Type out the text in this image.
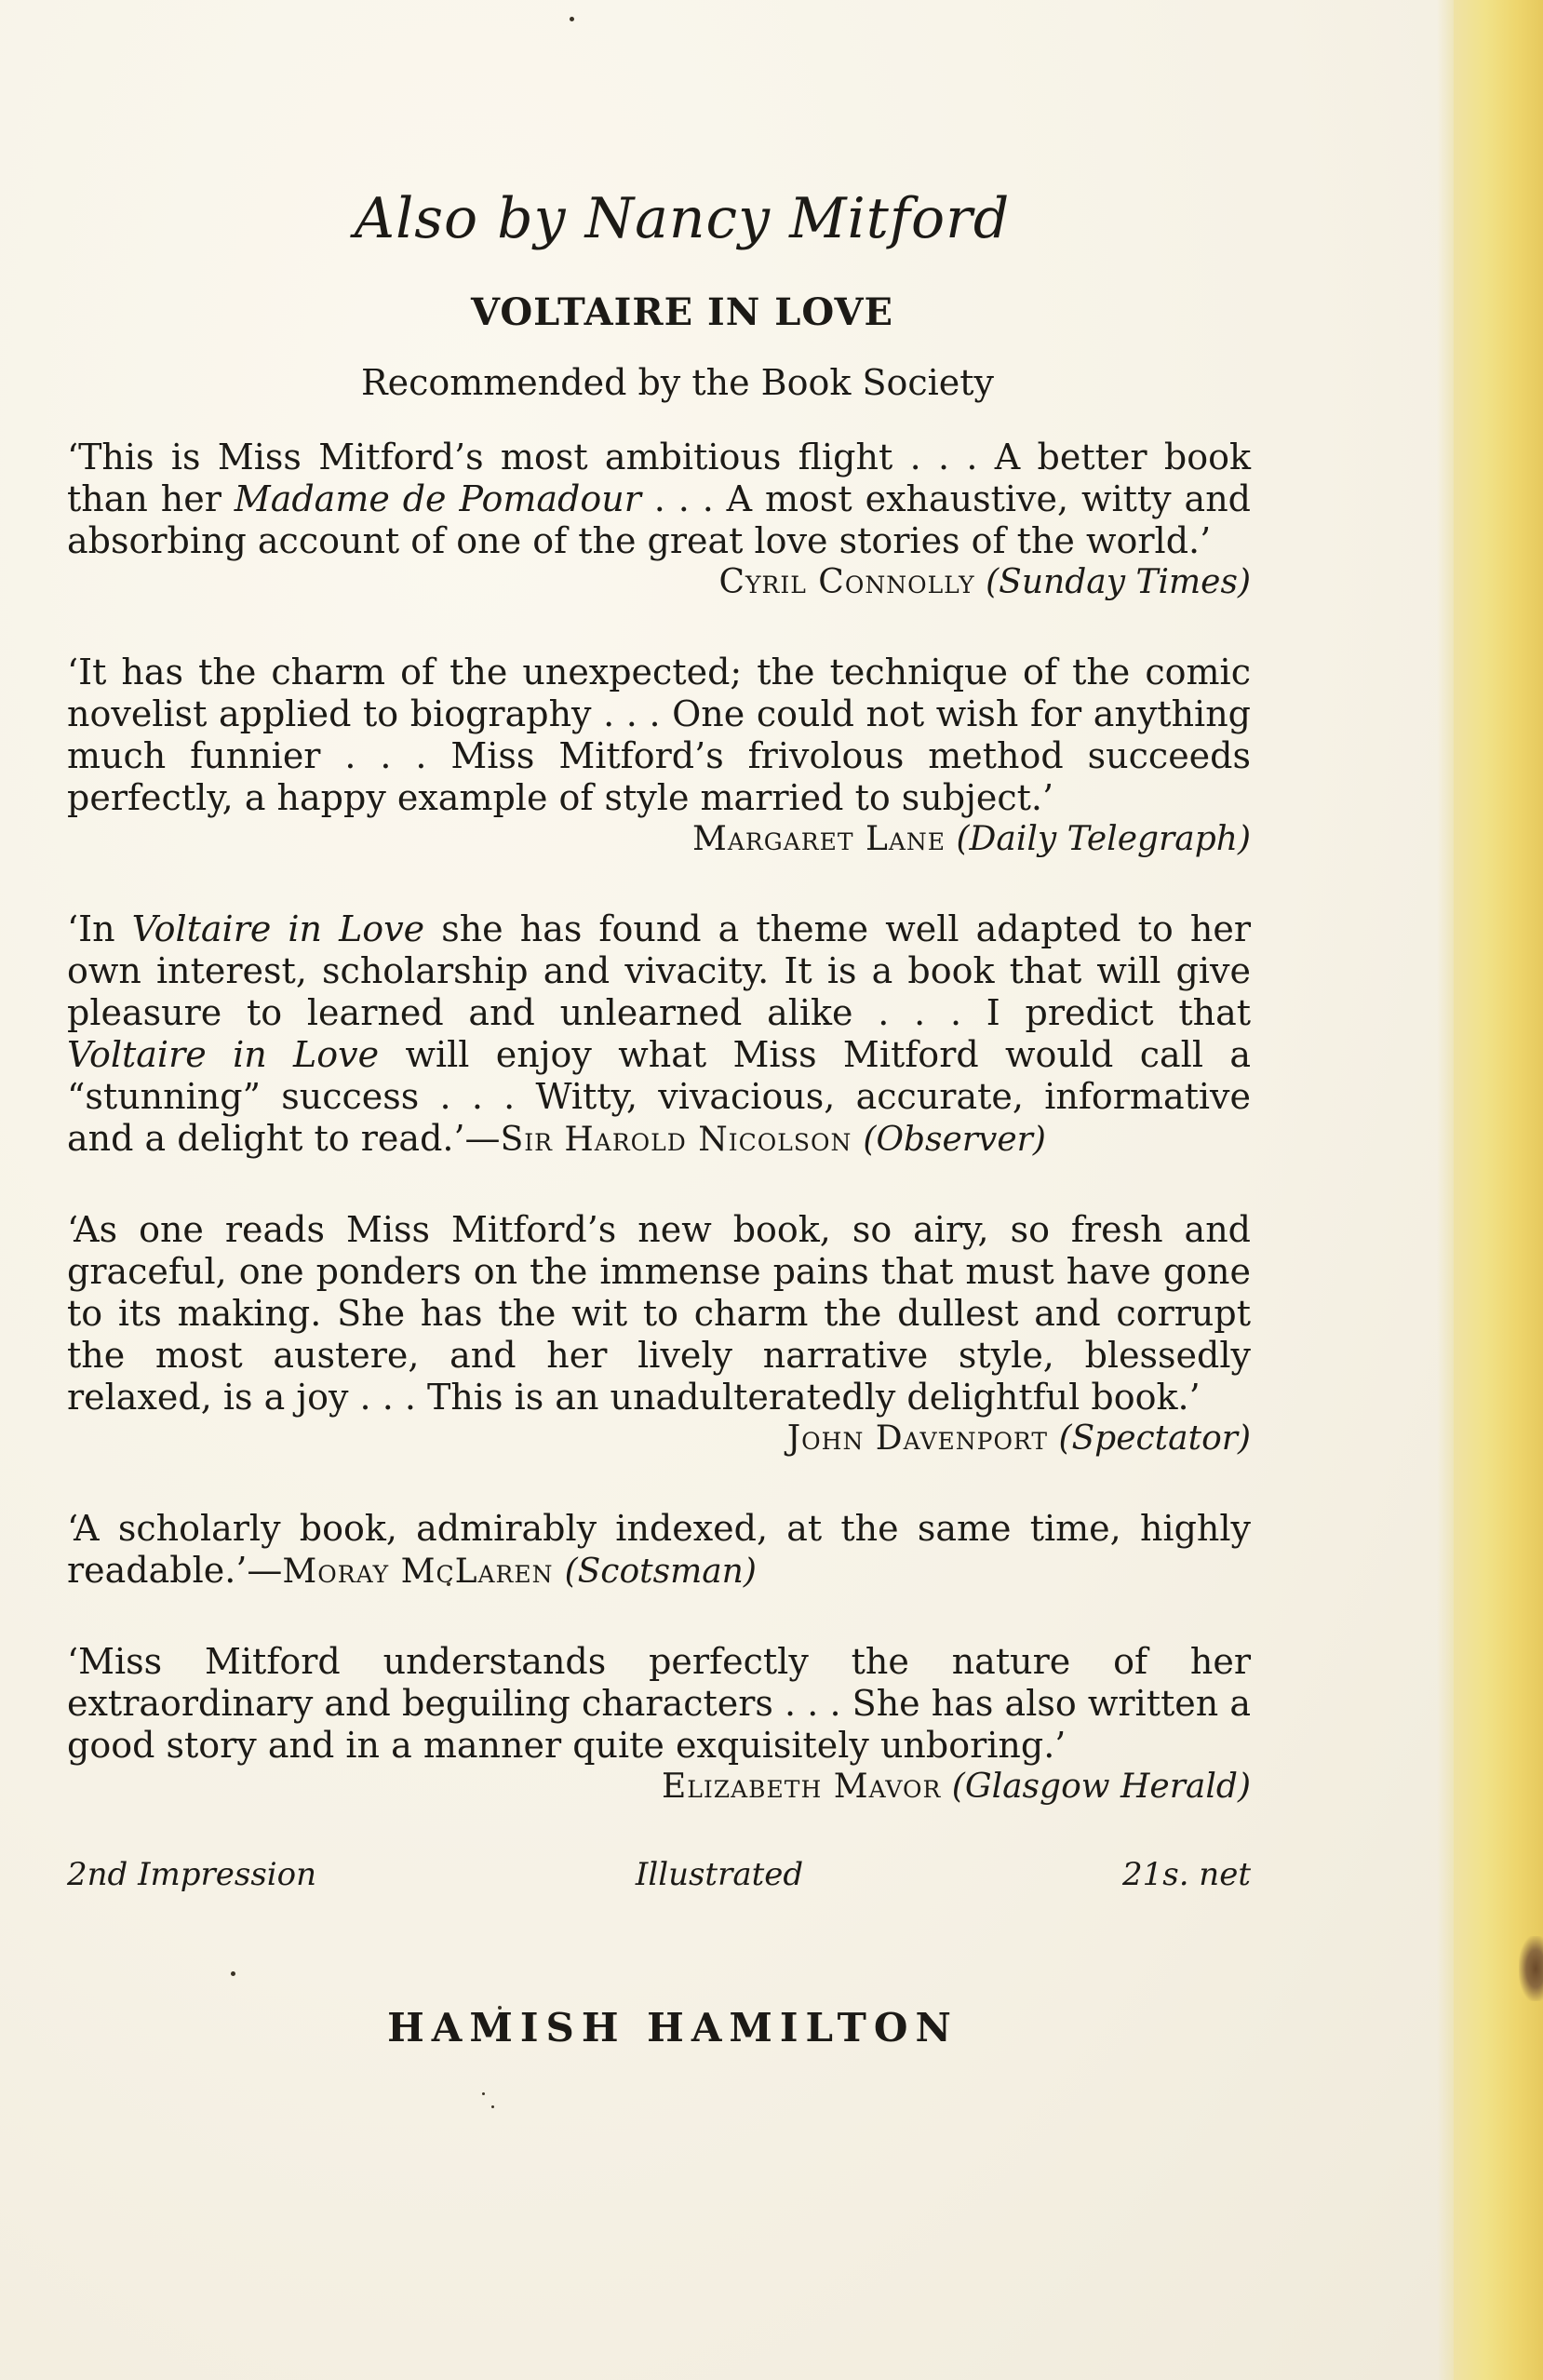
Also by Nancy Mitford
VOLTAIRE IN LOVE
Recommended by the Book Society

‘This is Miss Mitford’s most ambitious flight . . . A better book than her Madame de Pomadour . . . A most exhaustive, witty and absorbing account of one of the great love stories of the world.’

Cyril Connolly (Sunday Times)

‘It has the charm of the unexpected; the technique of the comic novelist applied to biography . . . One could not wish for anything much funnier . . . Miss Mitford’s frivolous method succeeds perfectly, a happy example of style married to subject.’

Margaret Lane (Daily Telegraph)

‘In Voltaire in Love she has found a theme well adapted to her own interest, scholarship and vivacity. It is a book that will give pleasure to learned and unlearned alike . . . I predict that Voltaire in Love will enjoy what Miss Mitford would call a “stunning” success . . . Witty, vivacious, accurate, informative and a delight to read.’—Sir Harold Nicolson (Observer)

‘As one reads Miss Mitford’s new book, so airy, so fresh and graceful, one ponders on the immense pains that must have gone to its making. She has the wit to charm the dullest and corrupt the most austere, and her lively narrative style, blessedly relaxed, is a joy . . . This is an unadulteratedly delightful book.’

John Davenport (Spectator)

‘A scholarly book, admirably indexed, at the same time, highly readable.’—Moray McLaren (Scotsman)

‘Miss Mitford understands perfectly the nature of her extraordinary and beguiling characters . . . She has also written a good story and in a manner quite exquisitely unboring.’

Elizabeth Mavor (Glasgow Herald)

2nd Impression	Illustrated	21s. net
HAMISH HAMILTON
